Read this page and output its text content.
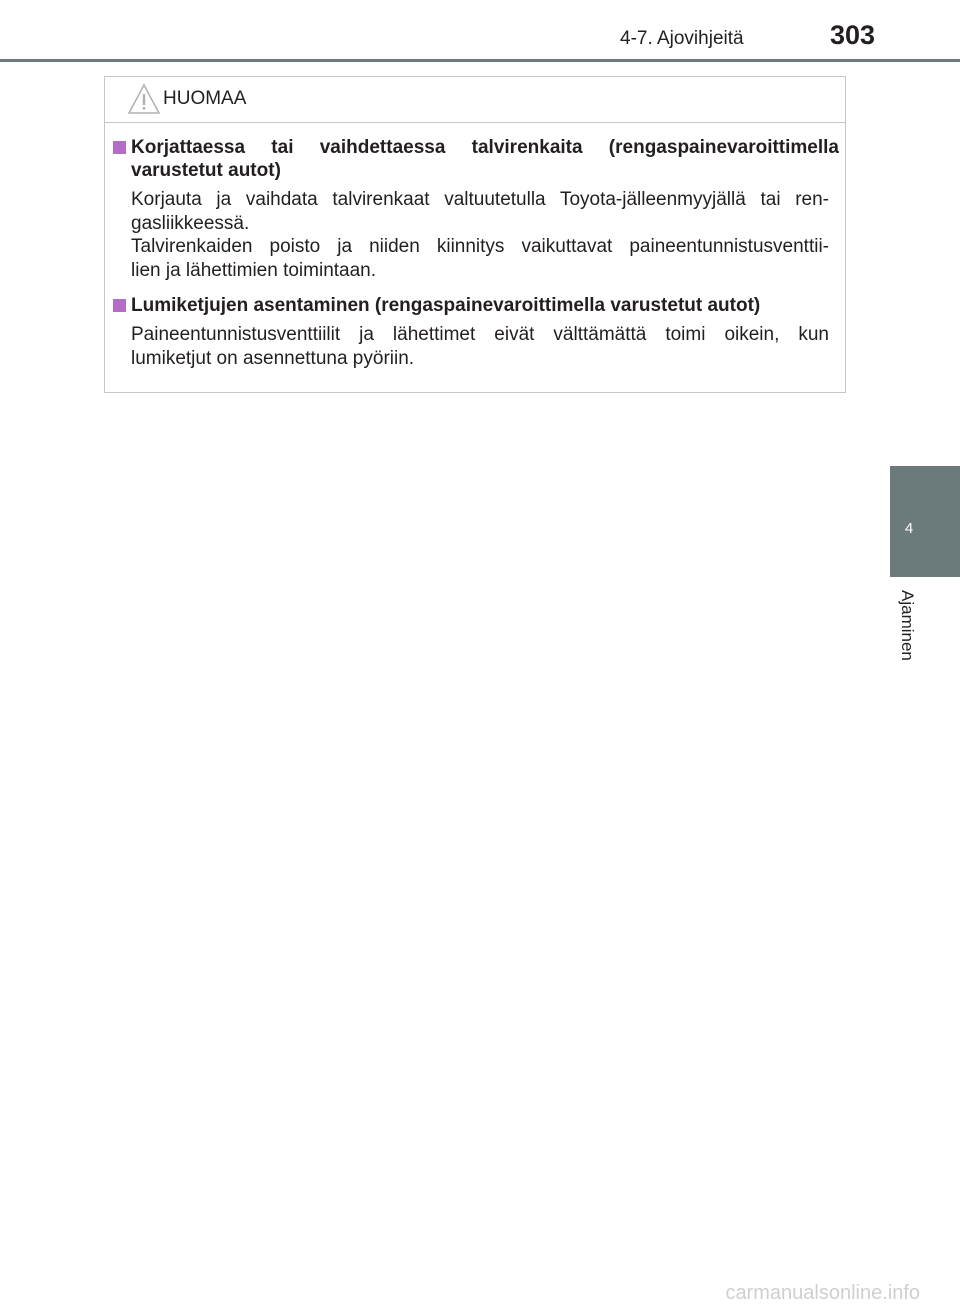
4-7. Ajovihjeitä	303
4
Ajaminen
HUOMAA
Korjattaessa tai vaihdettaessa talvirenkaita (rengaspainevaroittimella
varustetut autot)
Korjauta ja vaihdata talvirenkaat valtuutetulla Toyota-jälleenmyyjällä tai ren-
gasliikkeessä.
Talvirenkaiden poisto ja niiden kiinnitys vaikuttavat paineentunnistusventtii-
lien ja lähettimien toimintaan.
Lumiketjujen asentaminen (rengaspainevaroittimella varustetut autot)
Paineentunnistusventtiilit ja lähettimet eivät välttämättä toimi oikein, kun
lumiketjut on asennettuna pyöriin.
carmanualsonline.info
